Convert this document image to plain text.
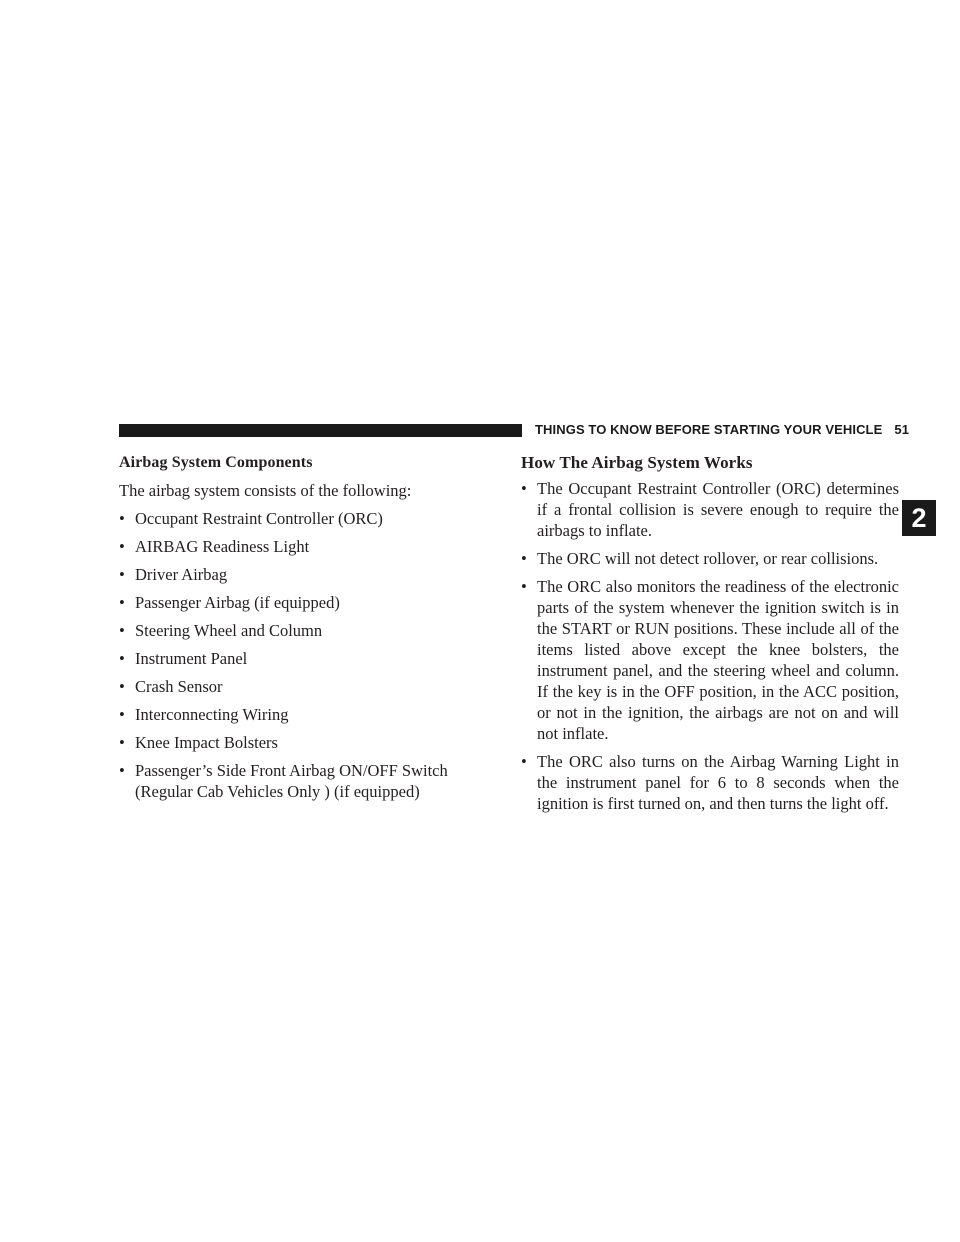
THINGS TO KNOW BEFORE STARTING YOUR VEHICLE 51
2
Airbag System Components

The airbag system consists of the following:

• Occupant Restraint Controller (ORC)
• AIRBAG Readiness Light
• Driver Airbag
• Passenger Airbag (if equipped)
• Steering Wheel and Column
• Instrument Panel
• Crash Sensor
• Interconnecting Wiring
• Knee Impact Bolsters
• Passenger’s Side Front Airbag ON/OFF Switch (Regular Cab Vehicles Only ) (if equipped)
How The Airbag System Works
• The Occupant Restraint Controller (ORC) determines if a frontal collision is severe enough to require the airbags to inflate.
• The ORC will not detect rollover, or rear collisions.
• The ORC also monitors the readiness of the electronic parts of the system whenever the ignition switch is in the START or RUN positions. These include all of the items listed above except the knee bolsters, the instrument panel, and the steering wheel and column. If the key is in the OFF position, in the ACC position, or not in the ignition, the airbags are not on and will not inflate.
• The ORC also turns on the Airbag Warning Light in the instrument panel for 6 to 8 seconds when the ignition is first turned on, and then turns the light off.
